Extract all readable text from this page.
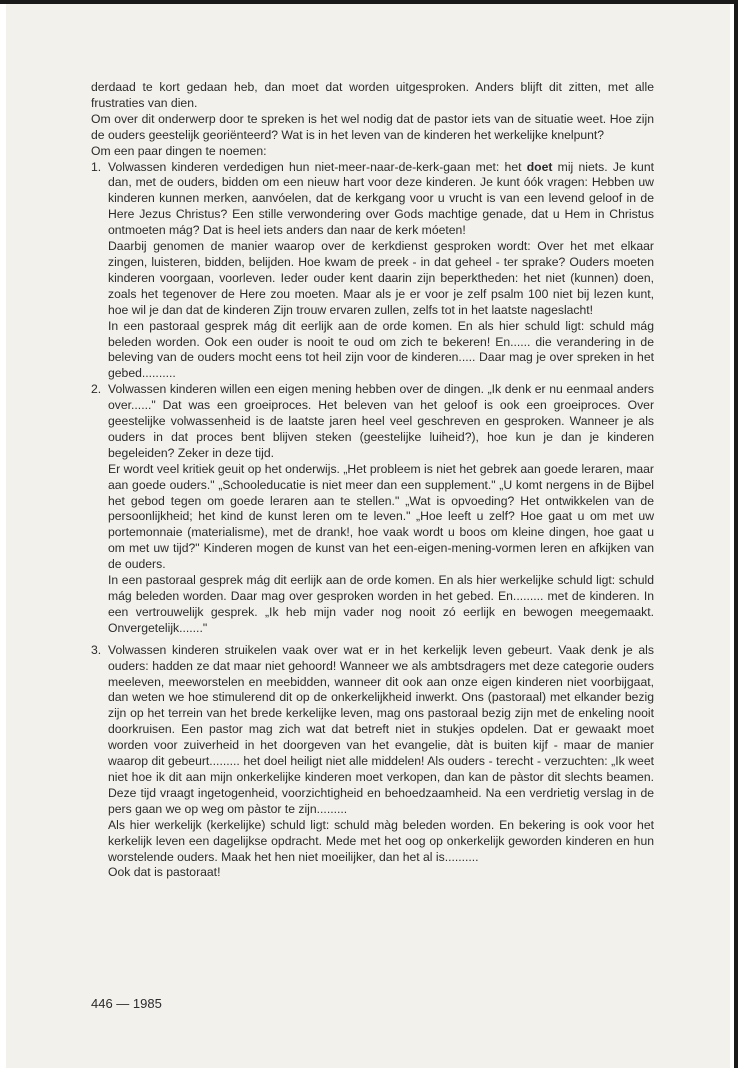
derdaad te kort gedaan heb, dan moet dat worden uitgesproken. Anders blijft dit zitten, met alle frustraties van dien.

Om over dit onderwerp door te spreken is het wel nodig dat de pastor iets van de situatie weet. Hoe zijn de ouders geestelijk georiënteerd? Wat is in het leven van de kinderen het werkelijke knelpunt?

Om een paar dingen te noemen:

1. Volwassen kinderen verdedigen hun niet-meer-naar-de-kerk-gaan met: het doet mij niets. Je kunt dan, met de ouders, bidden om een nieuw hart voor deze kinderen. Je kunt óók vragen: Hebben uw kinderen kunnen merken, aanvóelen, dat de kerkgang voor u vrucht is van een levend geloof in de Here Jezus Christus? Een stille verwondering over Gods machtige genade, dat u Hem in Christus ontmoeten mág? Dat is heel iets anders dan naar de kerk móeten!

Daarbij genomen de manier waarop over de kerkdienst gesproken wordt: Over het met elkaar zingen, luisteren, bidden, belijden. Hoe kwam de preek - in dat geheel - ter sprake? Ouders moeten kinderen voorgaan, voorleven. Ieder ouder kent daarin zijn beperktheden: het niet (kunnen) doen, zoals het tegenover de Here zou moeten. Maar als je er voor je zelf psalm 100 niet bij lezen kunt, hoe wil je dan dat de kinderen Zijn trouw ervaren zullen, zelfs tot in het laatste nageslacht!

In een pastoraal gesprek mág dit eerlijk aan de orde komen. En als hier schuld ligt: schuld mág beleden worden. Ook een ouder is nooit te oud om zich te bekeren! En...... die verandering in de beleving van de ouders mocht eens tot heil zijn voor de kinderen..... Daar mag je over spreken in het gebed..........

2. Volwassen kinderen willen een eigen mening hebben over de dingen. „Ik denk er nu eenmaal anders over......" Dat was een groeiproces. Het beleven van het geloof is ook een groeiproces. Over geestelijke volwassenheid is de laatste jaren heel veel geschreven en gesproken. Wanneer je als ouders in dat proces bent blijven steken (geestelijke luiheid?), hoe kun je dan je kinderen begeleiden? Zeker in deze tijd.

Er wordt veel kritiek geuit op het onderwijs. „Het probleem is niet het gebrek aan goede leraren, maar aan goede ouders." „Schooleducatie is niet meer dan een supplement." „U komt nergens in de Bijbel het gebod tegen om goede leraren aan te stellen." „Wat is opvoeding? Het ontwikkelen van de persoonlijkheid; het kind de kunst leren om te leven." „Hoe leeft u zelf? Hoe gaat u om met uw portemonnaie (materialisme), met de drank!, hoe vaak wordt u boos om kleine dingen, hoe gaat u om met uw tijd?" Kinderen mogen de kunst van het een-eigen-mening-vormen leren en afkijken van de ouders.

In een pastoraal gesprek mág dit eerlijk aan de orde komen. En als hier werkelijke schuld ligt: schuld mág beleden worden. Daar mag over gesproken worden in het gebed. En......... met de kinderen. In een vertrouwelijk gesprek. „Ik heb mijn vader nog nooit zó eerlijk en bewogen meegemaakt. Onvergetelijk......."

3. Volwassen kinderen struikelen vaak over wat er in het kerkelijk leven gebeurt. Vaak denk je als ouders: hadden ze dat maar niet gehoord! Wanneer we als ambtsdragers met deze categorie ouders meeleven, meeworstelen en meebidden, wanneer dit ook aan onze eigen kinderen niet voorbijgaat, dan weten we hoe stimulerend dit op de onkerkelijkheid inwerkt. Ons (pastoraal) met elkander bezig zijn op het terrein van het brede kerkelijke leven, mag ons pastoraal bezig zijn met de enkeling nooit doorkruisen. Een pastor mag zich wat dat betreft niet in stukjes opdelen. Dat er gewaakt moet worden voor zuiverheid in het doorgeven van het evangelie, dàt is buiten kijf - maar de manier waarop dit gebeurt......... het doel heiligt niet alle middelen! Als ouders - terecht - verzuchten: „Ik weet niet hoe ik dit aan mijn onkerkelijke kinderen moet verkopen, dan kan de pàstor dit slechts beamen. Deze tijd vraagt ingetogenheid, voorzichtigheid en behoedzaamheid. Na een verdrietig verslag in de pers gaan we op weg om pàstor te zijn.........

Als hier werkelijk (kerkelijke) schuld ligt: schuld màg beleden worden. En bekering is ook voor het kerkelijk leven een dagelijkse opdracht. Mede met het oog op onkerkelijk geworden kinderen en hun worstelende ouders. Maak het hen niet moeilijker, dan het al is..........

Ook dat is pastoraat!

446 — 1985
